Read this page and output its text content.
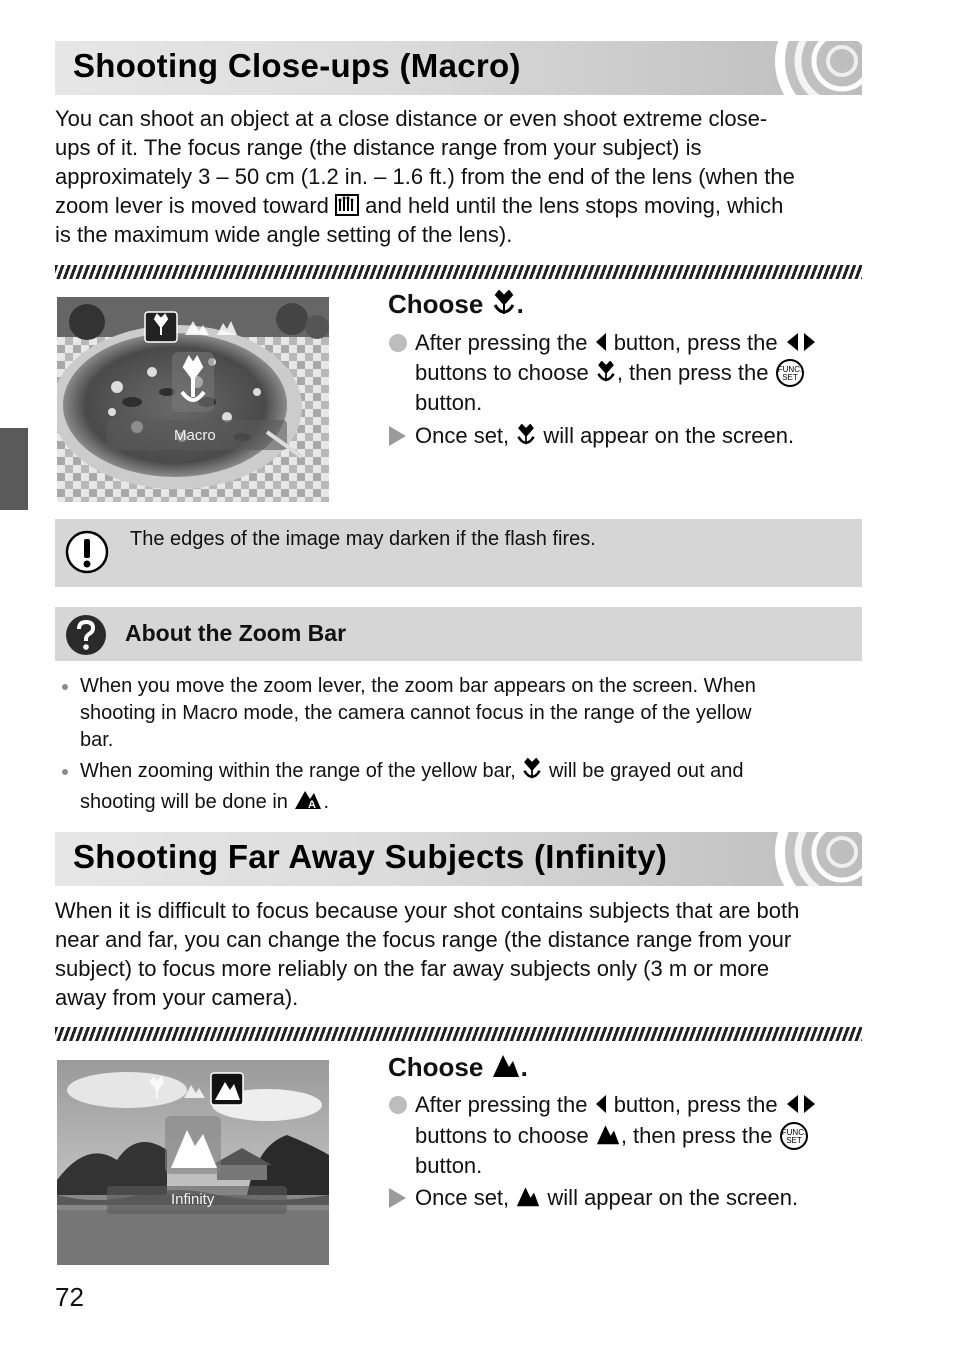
Shooting Close-ups (Macro)
You can shoot an object at a close distance or even shoot extreme close-
ups of it. The focus range (the distance range from your subject) is
approximately 3 – 50 cm (1.2 in. – 1.6 ft.) from the end of the lens (when the
zoom lever is moved toward and held until the lens stops moving, which
is the maximum wide angle setting of the lens).
Macro
Choose .
After pressing the button, press the
buttons to choose , then press the FUNC.
SET
button.
Once set, will appear on the screen.
The edges of the image may darken if the flash fires.
About the Zoom Bar
When you move the zoom lever, the zoom bar appears on the screen. When
shooting in Macro mode, the camera cannot focus in the range of the yellow
bar.
When zooming within the range of the yellow bar, will be grayed out and
shooting will be done in A .
Shooting Far Away Subjects (Infinity)
When it is difficult to focus because your shot contains subjects that are both
near and far, you can change the focus range (the distance range from your
subject) to focus more reliably on the far away subjects only (3 m or more
away from your camera).
Infinity
Choose .
After pressing the button, press the
buttons to choose , then press the FUNC.
SET
button.
Once set, will appear on the screen.
72
